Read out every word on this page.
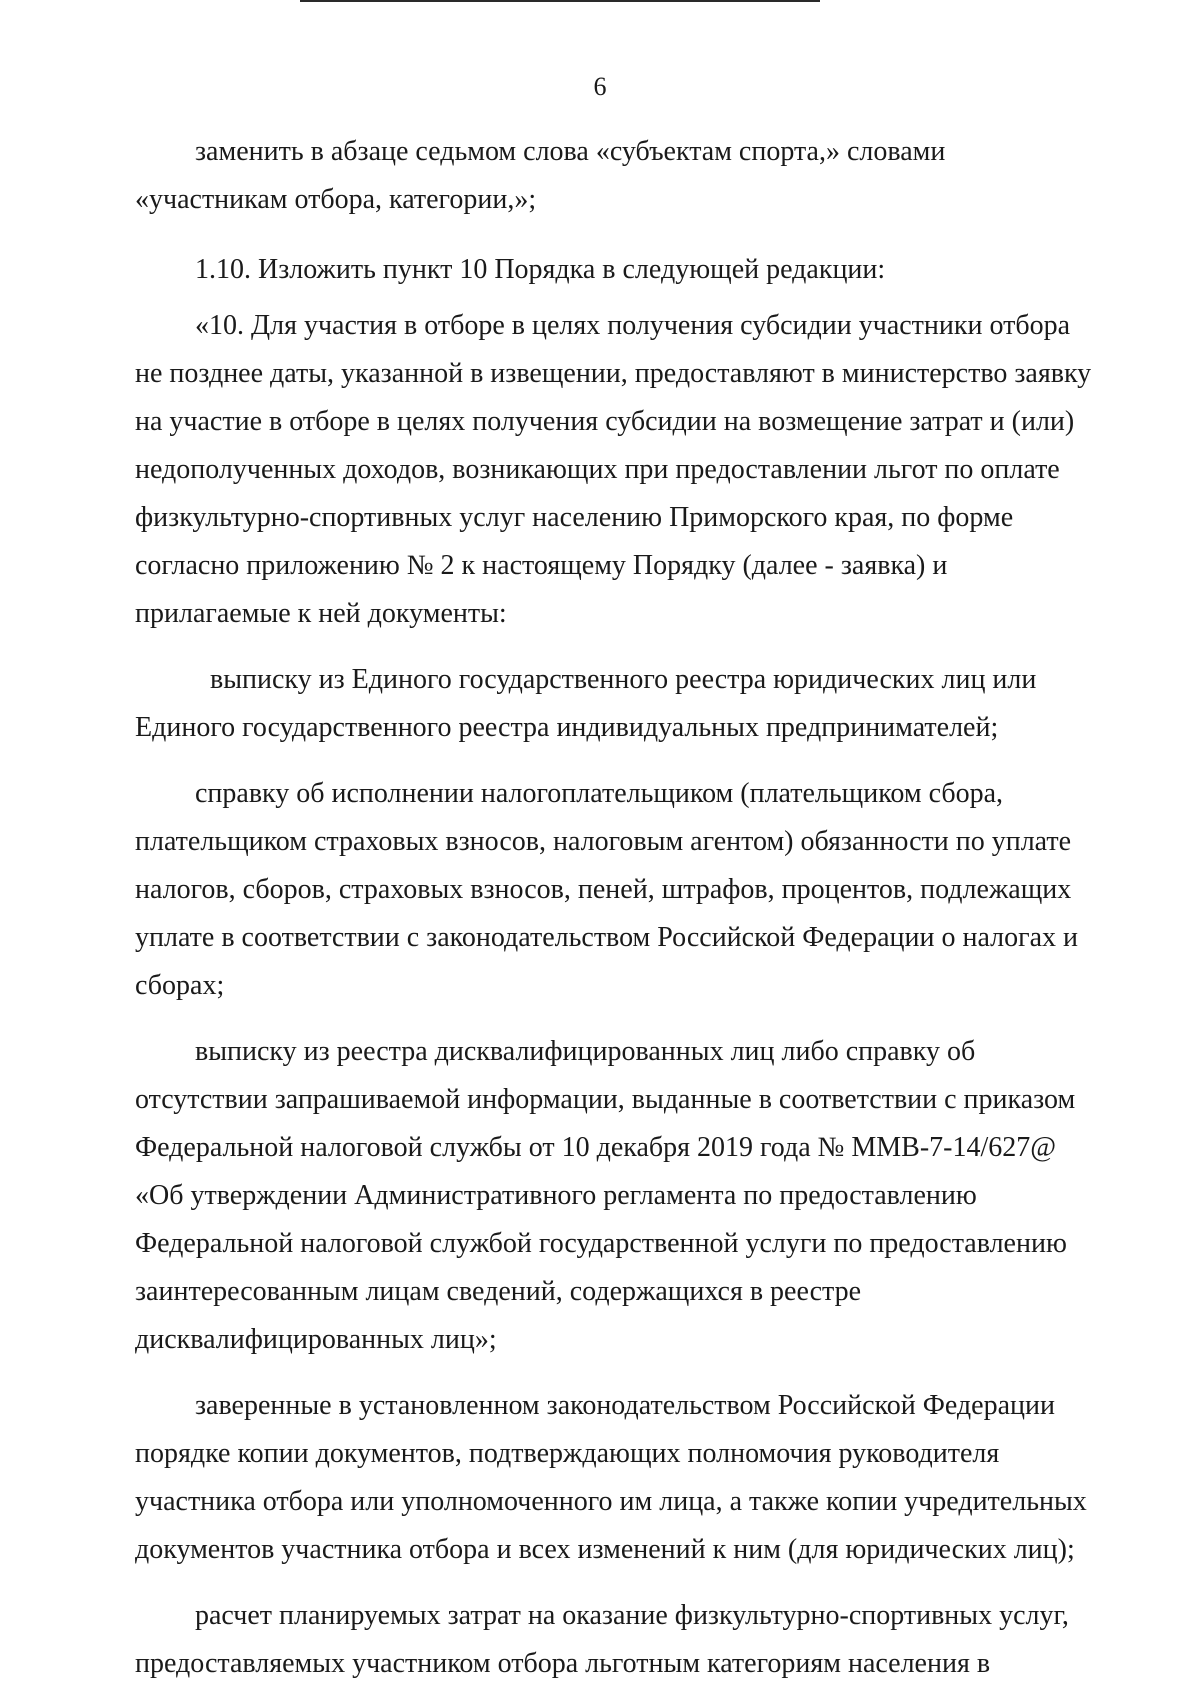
6
заменить в абзаце седьмом слова «субъектам спорта,» словами
«участникам отбора, категории,»;
1.10. Изложить пункт 10 Порядка в следующей редакции:
«10. Для участия в отборе в целях получения субсидии участники отбора
не позднее даты, указанной в извещении, предоставляют в министерство заявку
на участие в отборе в целях получения субсидии на возмещение затрат и (или)
недополученных доходов, возникающих при предоставлении льгот по оплате
физкультурно-спортивных услуг населению Приморского края, по форме
согласно приложению № 2 к настоящему Порядку (далее - заявка) и
прилагаемые к ней документы:
выписку из Единого государственного реестра юридических лиц или
Единого государственного реестра индивидуальных предпринимателей;
справку об исполнении налогоплательщиком (плательщиком сбора,
плательщиком страховых взносов, налоговым агентом) обязанности по уплате
налогов, сборов, страховых взносов, пеней, штрафов, процентов, подлежащих
уплате в соответствии с законодательством Российской Федерации о налогах и
сборах;
выписку из реестра дисквалифицированных лиц либо справку об
отсутствии запрашиваемой информации, выданные в соответствии с приказом
Федеральной налоговой службы от 10 декабря 2019 года № ММВ-7-14/627@
«Об утверждении Административного регламента по предоставлению
Федеральной налоговой службой государственной услуги по предоставлению
заинтересованным лицам сведений, содержащихся в реестре
дисквалифицированных лиц»;
заверенные в установленном законодательством Российской Федерации
порядке копии документов, подтверждающих полномочия руководителя
участника отбора или уполномоченного им лица, а также копии учредительных
документов участника отбора и всех изменений к ним (для юридических лиц);
расчет планируемых затрат на оказание физкультурно-спортивных услуг,
предоставляемых участником отбора льготным категориям населения в
